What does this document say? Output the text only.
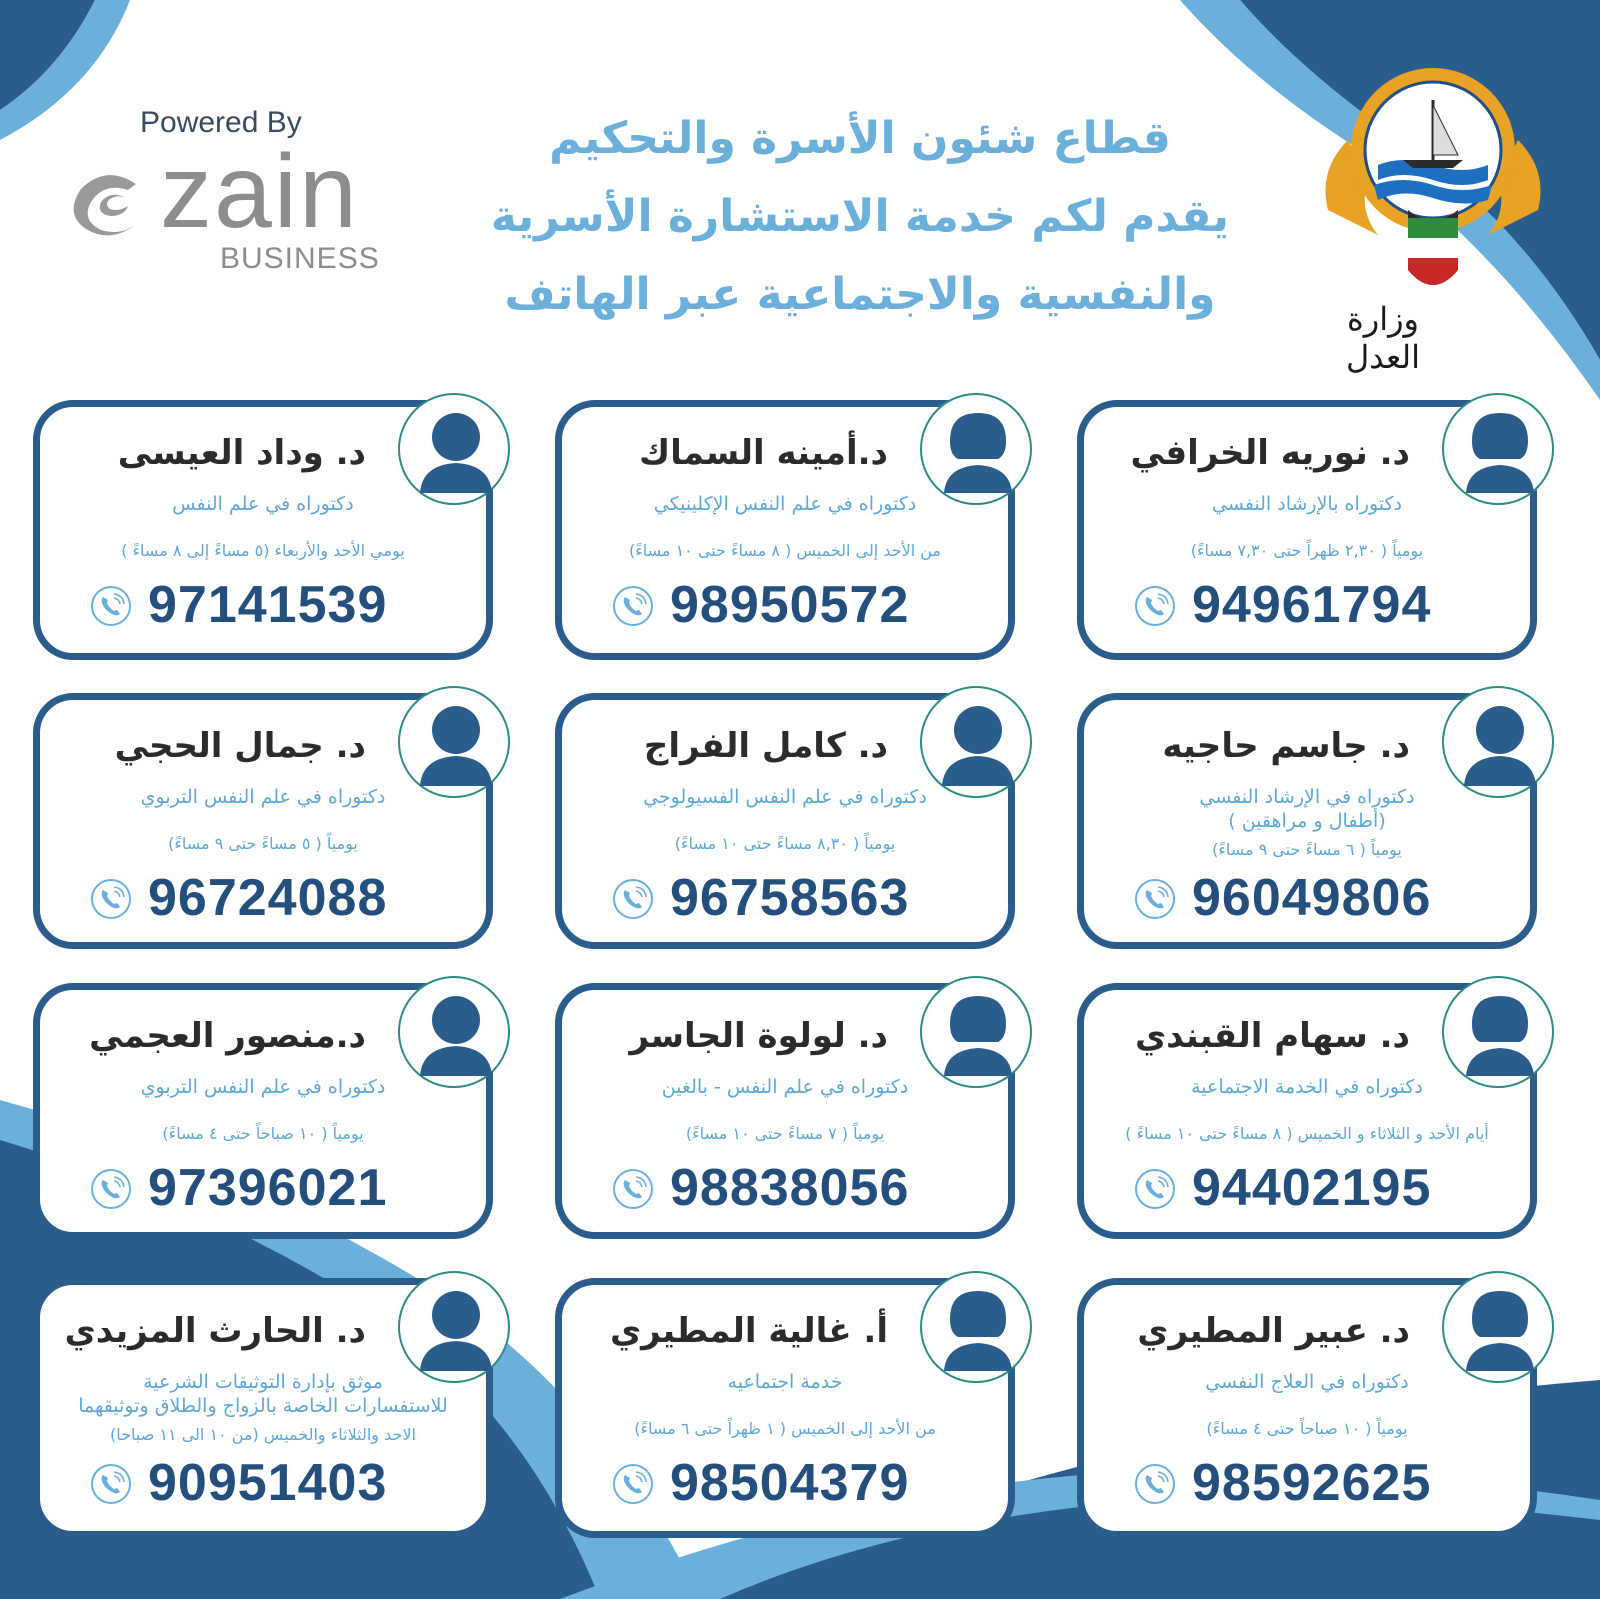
Powered By
zain
BUSINESS
قطاع شئون الأسرة والتحكيم
يقدم لكم خدمة الاستشارة الأسرية
والنفسية والاجتماعية عبر الهاتف	وزارة العدل
د. نوريه الخرافي
دكتوراه بالإرشاد النفسي
يومياً ( ٢,٣٠ ظهراً حتى ٧,٣٠ مساءً)
94961794
د.أمينه السماك
دكتوراه في علم النفس الإكلينيكي
من الأحد إلى الخميس ( ٨ مساءً حتى ١٠ مساءً)
98950572
د. وداد العيسى
دكتوراه في علم النفس
يومي الأحد والأربعاء (٥ مساءً إلى ٨ مساءً )
97141539
د. جاسم حاجيه
دكتوراه في الإرشاد النفسي
(أطفال و مراهقين )
يومياً ( ٦ مساءً حتى ٩ مساءً)
96049806
د. كامل الفراج
دكتوراه في علم النفس الفسيولوجي
يومياً ( ٨,٣٠ مساءً حتى ١٠ مساءً)
96758563
د. جمال الحجي
دكتوراه في علم النفس التربوي
يومياً ( ٥ مساءً حتى ٩ مساءً)
96724088
د. سهام القبندي
دكتوراه في الخدمة الاجتماعية
أيام الأحد و الثلاثاء و الخميس ( ٨ مساءً حتى ١٠ مساءً )
94402195
د. لولوة الجاسر
دكتوراه في علم النفس - بالغين
يومياً ( ٧ مساءً حتى ١٠ مساءً)
98838056
د.منصور العجمي
دكتوراه في علم النفس التربوي
يومياً ( ١٠ صباحاً حتى ٤ مساءً)
97396021
د. عبير المطيري
دكتوراه في العلاج النفسي
يومياً ( ١٠ صباحاً حتى ٤ مساءً)
98592625
أ. غالية المطيري
خدمة اجتماعيه
من الأحد إلى الخميس ( ١ ظهراً حتى ٦ مساءً)
98504379
د. الحارث المزيدي
موثق بإدارة التوثيقات الشرعية
للاستفسارات الخاصة بالزواج والطلاق وتوثيقهما
الاحد والثلاثاء والخميس (من ١٠ الى ١١ صباحا)
90951403
